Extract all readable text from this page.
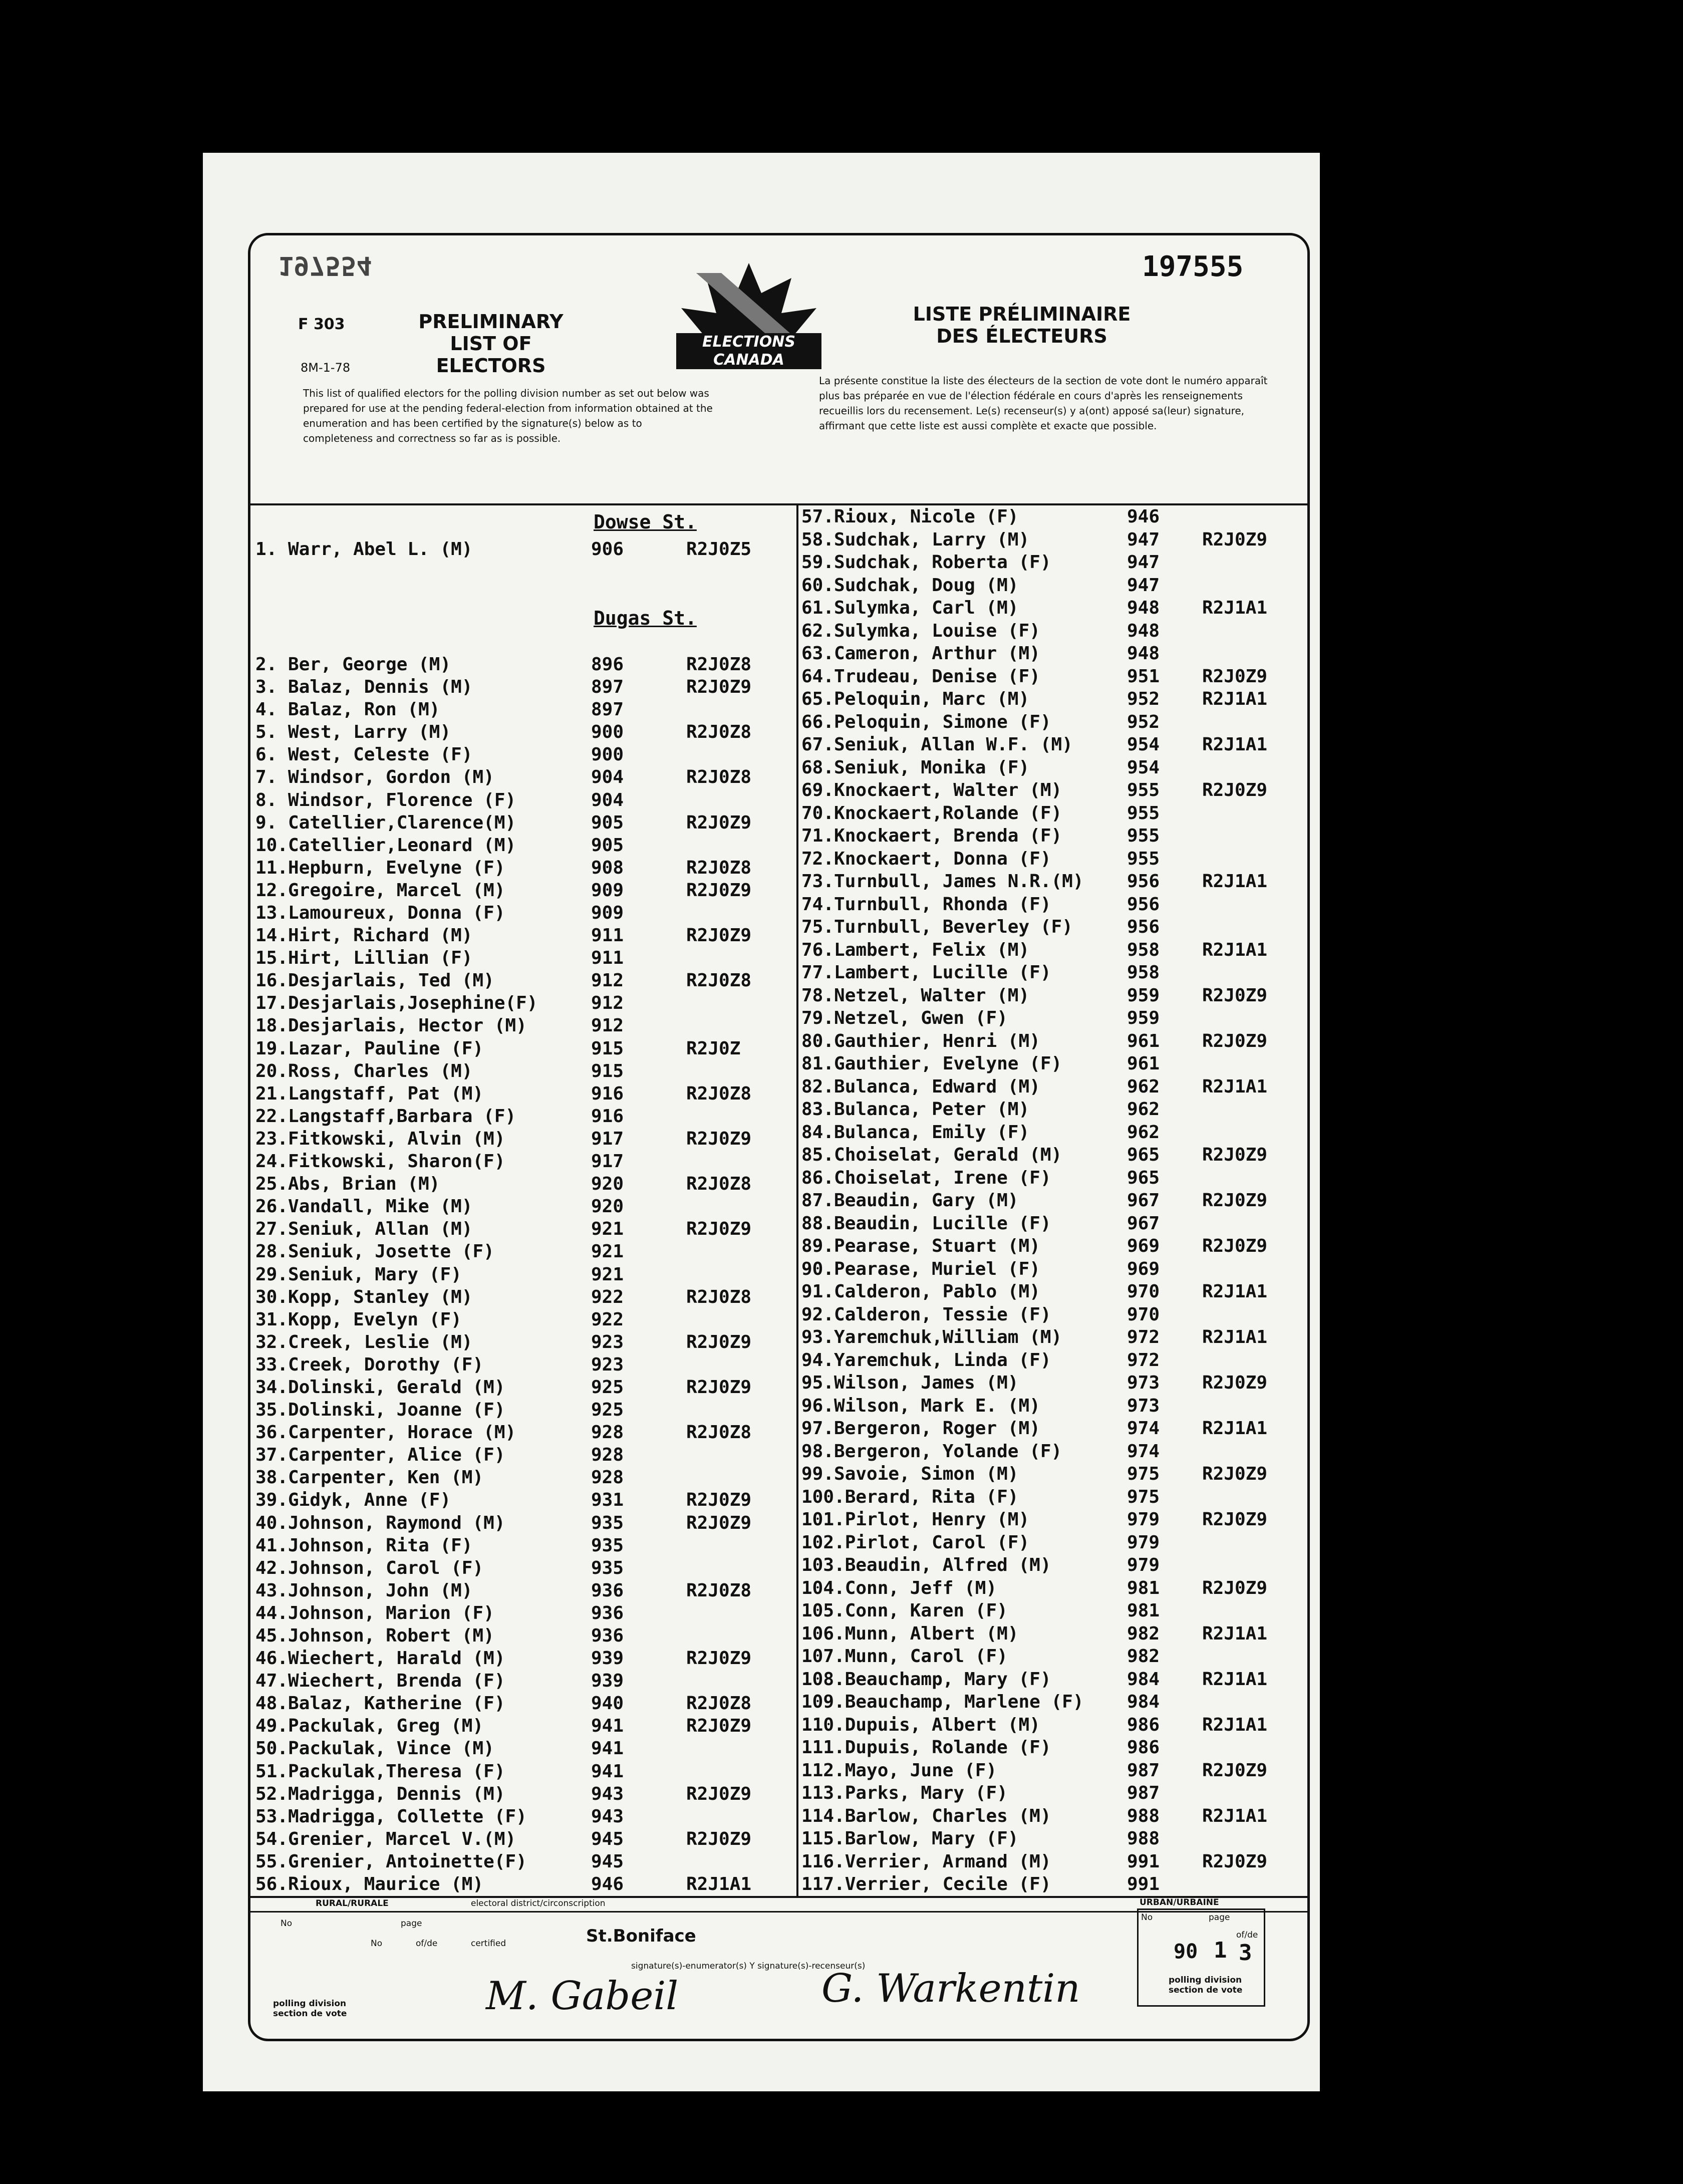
197554	197555
F 303
8M-1-78
PRELIMINARY LIST OF ELECTORS
ELECTIONS CANADA
LISTE PRÉLIMINAIRE DES ÉLECTEURS
This list of qualified electors for the polling division number as set out below was prepared for use at the pending federal-election from information obtained at the enumeration and has been certified by the signature(s) below as to completeness and correctness so far as is possible.
La présente constitue la liste des électeurs de la section de vote dont le numéro apparaît plus bas préparée en vue de l'élection fédérale en cours d'après les renseignements recueillis lors du recensement. Le(s) recenseur(s) y a(ont) apposé sa(leur) signature, affirmant que cette liste est aussi complète et exacte que possible.
Dowse St.
Dugas St.
1. Warr, Abel L. (M)	906	R2J0Z5
2. Ber, George (M)	896	R2J0Z8
3. Balaz, Dennis (M)	897	R2J0Z9
4. Balaz, Ron (M)	897
5. West, Larry (M)	900	R2J0Z8
6. West, Celeste (F)	900
7. Windsor, Gordon (M)	904	R2J0Z8
8. Windsor, Florence (F)	904
9. Catellier,Clarence(M)	905	R2J0Z9
10.Catellier,Leonard (M)	905
11.Hepburn, Evelyne (F)	908	R2J0Z8
12.Gregoire, Marcel (M)	909	R2J0Z9
13.Lamoureux, Donna (F)	909
14.Hirt, Richard (M)	911	R2J0Z9
15.Hirt, Lillian (F)	911
16.Desjarlais, Ted (M)	912	R2J0Z8
17.Desjarlais,Josephine(F)	912
18.Desjarlais, Hector (M)	912
19.Lazar, Pauline (F)	915	R2J0Z
20.Ross, Charles (M)	915
21.Langstaff, Pat (M)	916	R2J0Z8
22.Langstaff,Barbara (F)	916
23.Fitkowski, Alvin (M)	917	R2J0Z9
24.Fitkowski, Sharon(F)	917
25.Abs, Brian (M)	920	R2J0Z8
26.Vandall, Mike (M)	920
27.Seniuk, Allan (M)	921	R2J0Z9
28.Seniuk, Josette (F)	921
29.Seniuk, Mary (F)	921
30.Kopp, Stanley (M)	922	R2J0Z8
31.Kopp, Evelyn (F)	922
32.Creek, Leslie (M)	923	R2J0Z9
33.Creek, Dorothy (F)	923
34.Dolinski, Gerald (M)	925	R2J0Z9
35.Dolinski, Joanne (F)	925
36.Carpenter, Horace (M)	928	R2J0Z8
37.Carpenter, Alice (F)	928
38.Carpenter, Ken (M)	928
39.Gidyk, Anne (F)	931	R2J0Z9
40.Johnson, Raymond (M)	935	R2J0Z9
41.Johnson, Rita (F)	935
42.Johnson, Carol (F)	935
43.Johnson, John (M)	936	R2J0Z8
44.Johnson, Marion (F)	936
45.Johnson, Robert (M)	936
46.Wiechert, Harald (M)	939	R2J0Z9
47.Wiechert, Brenda (F)	939
48.Balaz, Katherine (F)	940	R2J0Z8
49.Packulak, Greg (M)	941	R2J0Z9
50.Packulak, Vince (M)	941
51.Packulak,Theresa (F)	941
52.Madrigga, Dennis (M)	943	R2J0Z9
53.Madrigga, Collette (F)	943
54.Grenier, Marcel V.(M)	945	R2J0Z9
55.Grenier, Antoinette(F)	945
56.Rioux, Maurice (M)	946	R2J1A1
57.Rioux, Nicole (F)	946
58.Sudchak, Larry (M)	947 R2J0Z9
59.Sudchak, Roberta (F)	947
60.Sudchak, Doug (M)	947
61.Sulymka, Carl (M)	948 R2J1A1
62.Sulymka, Louise (F)	948
63.Cameron, Arthur (M)	948
64.Trudeau, Denise (F)	951 R2J0Z9
65.Peloquin, Marc (M)	952 R2J1A1
66.Peloquin, Simone (F)	952
67.Seniuk, Allan W.F. (M)	954 R2J1A1
68.Seniuk, Monika (F)	954
69.Knockaert, Walter (M)	955 R2J0Z9
70.Knockaert,Rolande (F)	955
71.Knockaert, Brenda (F)	955
72.Knockaert, Donna (F)	955
73.Turnbull, James N.R.(M) 956 R2J1A1
74.Turnbull, Rhonda (F)	956
75.Turnbull, Beverley (F)	956
76.Lambert, Felix (M)	958 R2J1A1
77.Lambert, Lucille (F)	958
78.Netzel, Walter (M)	959 R2J0Z9
79.Netzel, Gwen (F)	959
80.Gauthier, Henri (M)	961 R2J0Z9
81.Gauthier, Evelyne (F)	961
82.Bulanca, Edward (M)	962 R2J1A1
83.Bulanca, Peter (M)	962
84.Bulanca, Emily (F)	962
85.Choiselat, Gerald (M)	965 R2J0Z9
86.Choiselat, Irene (F)	965
87.Beaudin, Gary (M)	967 R2J0Z9
88.Beaudin, Lucille (F)	967
89.Pearase, Stuart (M)	969 R2J0Z9
90.Pearase, Muriel (F)	969
91.Calderon, Pablo (M)	970 R2J1A1
92.Calderon, Tessie (F)	970
93.Yaremchuk,William (M)	972 R2J1A1
94.Yaremchuk, Linda (F)	972
95.Wilson, James (M)	973 R2J0Z9
96.Wilson, Mark E. (M)	973
97.Bergeron, Roger (M)	974 R2J1A1
98.Bergeron, Yolande (F)	974
99.Savoie, Simon (M)	975 R2J0Z9
100.Berard, Rita (F)	975
101.Pirlot, Henry (M)	979 R2J0Z9
102.Pirlot, Carol (F)	979
103.Beaudin, Alfred (M)	979
104.Conn, Jeff (M)	981 R2J0Z9
105.Conn, Karen (F)	981
106.Munn, Albert (M)	982 R2J1A1
107.Munn, Carol (F)	982
108.Beauchamp, Mary (F)	984 R2J1A1
109.Beauchamp, Marlene (F) 984
110.Dupuis, Albert (M)	986 R2J1A1
111.Dupuis, Rolande (F)	986
112.Mayo, June (F)	987 R2J0Z9
113.Parks, Mary (F)	987
114.Barlow, Charles (M)	988 R2J1A1
115.Barlow, Mary (F)	988
116.Verrier, Armand (M)	991 R2J0Z9
117.Verrier, Cecile (F)	991
RURAL/RURALE	electoral district/circonscription	URBAN/URBAINE
No	page
No	of/de	certified
polling division section de vote
St.Boniface
signature(s)-enumerator(s) Y signature(s)-recenseur(s)
M. Gabeil	G. Warkentin
No	page
of/de
90 1 3
polling division section de vote
